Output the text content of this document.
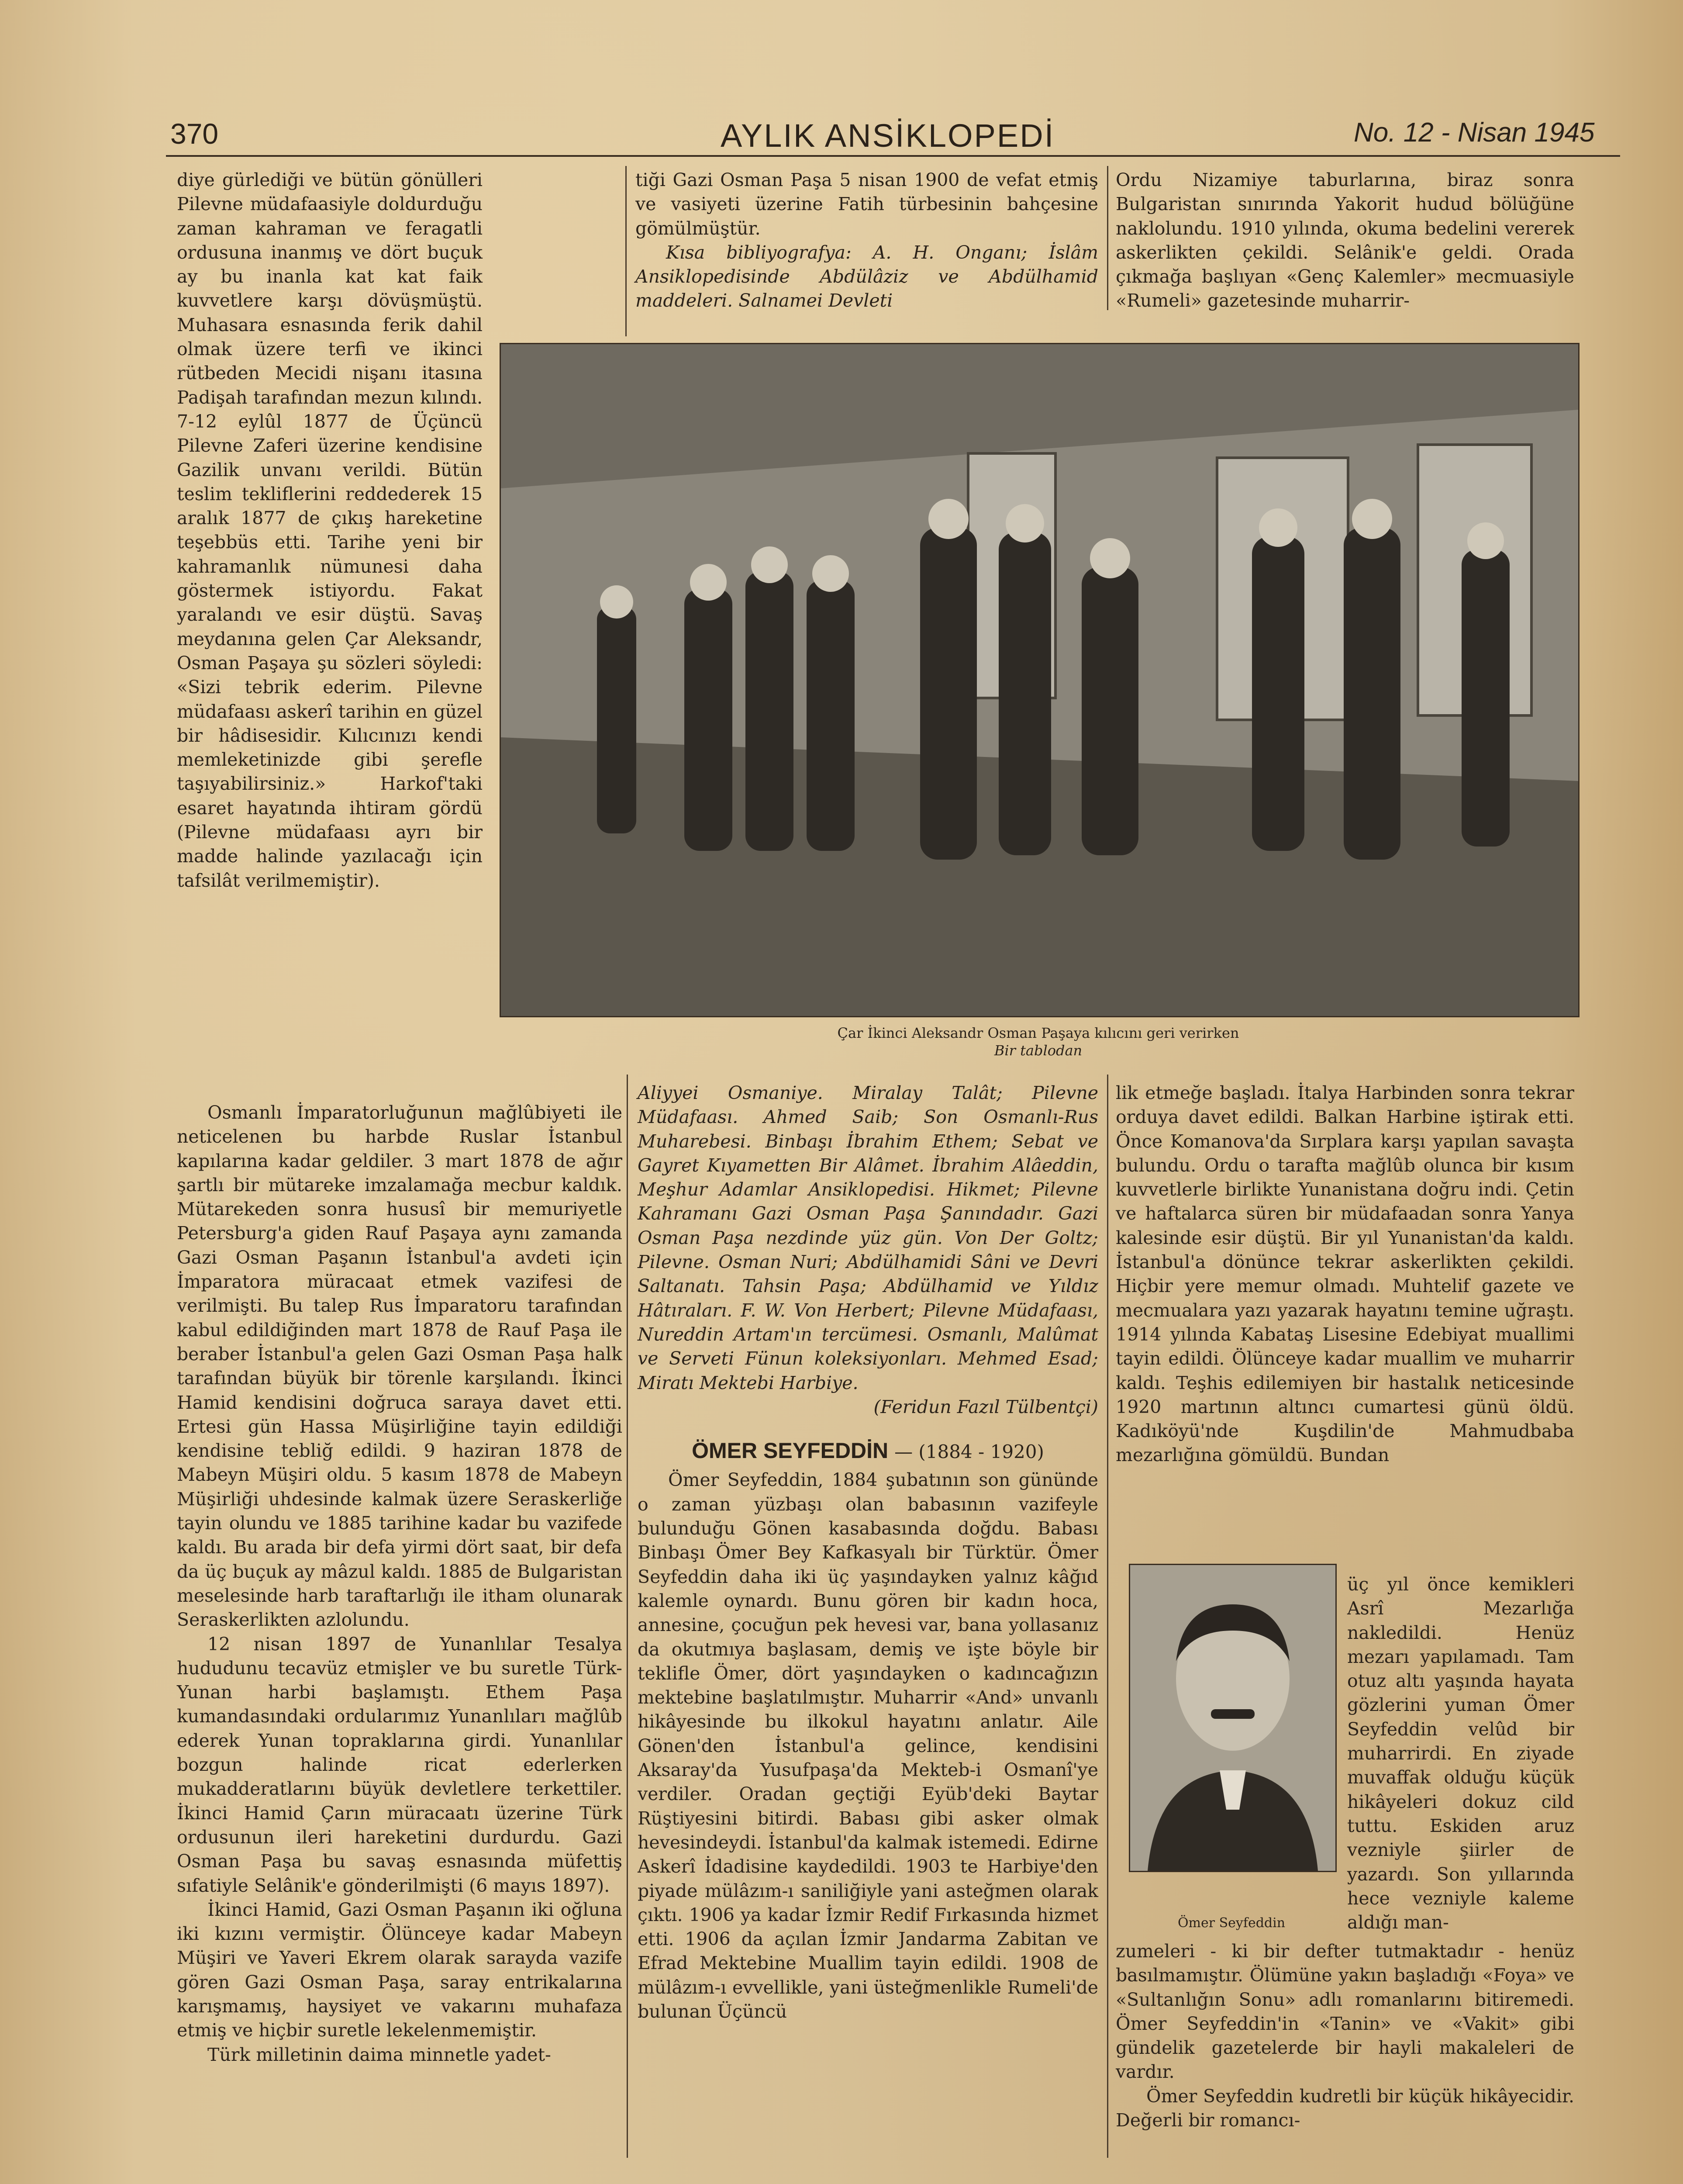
370	AYLIK ANSİKLOPEDİ	No. 12 - Nisan 1945

diye gürlediği ve bütün gönülleri Pilevne müdafaasiyle doldurduğu zaman kahraman ve feragatli ordusuna inanmış ve dört buçuk ay bu inanla kat kat faik kuvvetlere karşı dövüşmüştü. Muhasara esnasında ferik dahil olmak üzere terfi ve ikinci rütbeden Mecidi nişanı itasına Padişah tarafından mezun kılındı. 7-12 eylûl 1877 de Üçüncü Pilevne Zaferi üzerine kendisine Gazilik unvanı verildi. Bütün teslim tekliflerini reddederek 15 aralık 1877 de çıkış hareketine teşebbüs etti. Tarihe yeni bir kahramanlık nümunesi daha göstermek istiyordu. Fakat yaralandı ve esir düştü. Savaş meydanına gelen Çar Aleksandr, Osman Paşaya şu sözleri söyledi: «Sizi tebrik ederim. Pilevne müdafaası askerî tarihin en güzel bir hâdisesidir. Kılıcınızı kendi memleketinizde gibi şerefle taşıyabilirsiniz.» Harkof'taki esaret hayatında ihtiram gördü (Pilevne müdafaası ayrı bir madde halinde yazılacağı için tafsilât verilmemiştir).

tiği Gazi Osman Paşa 5 nisan 1900 de vefat etmiş ve vasiyeti üzerine Fatih türbesinin bahçesine gömülmüştür.

Kısa bibliyografya: A. H. Onganı; İslâm Ansiklopedisinde Abdülâziz ve Abdülhamid maddeleri. Salnamei Devleti

Ordu Nizamiye taburlarına, biraz sonra Bulgaristan sınırında Yakorit hudud bölüğüne naklolundu. 1910 yılında, okuma bedelini vererek askerlikten çekildi. Selânik'e geldi. Orada çıkmağa başlıyan «Genç Kalemler» mecmuasiyle «Rumeli» gazetesinde muharrir-

Çar İkinci Aleksandr Osman Paşaya kılıcını geri verirken
Bir tablodan

Osmanlı İmparatorluğunun mağlûbiyeti ile neticelenen bu harbde Ruslar İstanbul kapılarına kadar geldiler. 3 mart 1878 de ağır şartlı bir mütareke imzalamağa mecbur kaldık. Mütarekeden sonra hususî bir memuriyetle Petersburg'a giden Rauf Paşaya aynı zamanda Gazi Osman Paşanın İstanbul'a avdeti için İmparatora müracaat etmek vazifesi de verilmişti. Bu talep Rus İmparatoru tarafından kabul edildiğinden mart 1878 de Rauf Paşa ile beraber İstanbul'a gelen Gazi Osman Paşa halk tarafından büyük bir törenle karşılandı. İkinci Hamid kendisini doğruca saraya davet etti. Ertesi gün Hassa Müşirliğine tayin edildiği kendisine tebliğ edildi. 9 haziran 1878 de Mabeyn Müşiri oldu. 5 kasım 1878 de Mabeyn Müşirliği uhdesinde kalmak üzere Seraskerliğe tayin olundu ve 1885 tarihine kadar bu vazifede kaldı. Bu arada bir defa yirmi dört saat, bir defa da üç buçuk ay mâzul kaldı. 1885 de Bulgaristan meselesinde harb taraftarlığı ile itham olunarak Seraskerlikten azlolundu.

12 nisan 1897 de Yunanlılar Tesalya hududunu tecavüz etmişler ve bu suretle Türk-Yunan harbi başlamıştı. Ethem Paşa kumandasındaki ordularımız Yunanlıları mağlûb ederek Yunan topraklarına girdi. Yunanlılar bozgun halinde ricat ederlerken mukadderatlarını büyük devletlere terkettiler. İkinci Hamid Çarın müracaatı üzerine Türk ordusunun ileri hareketini durdurdu. Gazi Osman Paşa bu savaş esnasında müfettiş sıfatiyle Selânik'e gönderilmişti (6 mayıs 1897).

İkinci Hamid, Gazi Osman Paşanın iki oğluna iki kızını vermiştir. Ölünceye kadar Mabeyn Müşiri ve Yaveri Ekrem olarak sarayda vazife gören Gazi Osman Paşa, saray entrikalarına karışmamış, haysiyet ve vakarını muhafaza etmiş ve hiçbir suretle lekelenmemiştir.

Türk milletinin daima minnetle yadet-

Aliyyei Osmaniye. Miralay Talât; Pilevne Müdafaası. Ahmed Saib; Son Osmanlı-Rus Muharebesi. Binbaşı İbrahim Ethem; Sebat ve Gayret Kıyametten Bir Alâmet. İbrahim Alâeddin, Meşhur Adamlar Ansiklopedisi. Hikmet; Pilevne Kahramanı Gazi Osman Paşa Şanındadır. Gazi Osman Paşa nezdinde yüz gün. Von Der Goltz; Pilevne. Osman Nuri; Abdülhamidi Sâni ve Devri Saltanatı. Tahsin Paşa; Abdülhamid ve Yıldız Hâtıraları. F. W. Von Herbert; Pilevne Müdafaası, Nureddin Artam'ın tercümesi. Osmanlı, Malûmat ve Serveti Fünun koleksiyonları. Mehmed Esad; Miratı Mektebi Harbiye.

(Feridun Fazıl Tülbentçi)

ÖMER SEYFEDDİN — (1884 - 1920)

Ömer Seyfeddin, 1884 şubatının son gününde o zaman yüzbaşı olan babasının vazifeyle bulunduğu Gönen kasabasında doğdu. Babası Binbaşı Ömer Bey Kafkasyalı bir Türktür. Ömer Seyfeddin daha iki üç yaşındayken yalnız kâğıd kalemle oynardı. Bunu gören bir kadın hoca, annesine, çocuğun pek hevesi var, bana yollasanız da okutmıya başlasam, demiş ve işte böyle bir teklifle Ömer, dört yaşındayken o kadıncağızın mektebine başlatılmıştır. Muharrir «And» unvanlı hikâyesinde bu ilkokul hayatını anlatır. Aile Gönen'den İstanbul'a gelince, kendisini Aksaray'da Yusufpaşa'da Mekteb-i Osmanî'ye verdiler. Oradan geçtiği Eyüb'deki Baytar Rüştiyesini bitirdi. Babası gibi asker olmak hevesindeydi. İstanbul'da kalmak istemedi. Edirne Askerî İdadisine kaydedildi. 1903 te Harbiye'den piyade mülâzım-ı saniliğiyle yani asteğmen olarak çıktı. 1906 ya kadar İzmir Redif Fırkasında hizmet etti. 1906 da açılan İzmir Jandarma Zabitan ve Efrad Mektebine Muallim tayin edildi. 1908 de mülâzım-ı evvellikle, yani üsteğmenlikle Rumeli'de bulunan Üçüncü

lik etmeğe başladı. İtalya Harbinden sonra tekrar orduya davet edildi. Balkan Harbine iştirak etti. Önce Komanova'da Sırplara karşı yapılan savaşta bulundu. Ordu o tarafta mağlûb olunca bir kısım kuvvetlerle birlikte Yunanistana doğru indi. Çetin ve haftalarca süren bir müdafaadan sonra Yanya kalesinde esir düştü. Bir yıl Yunanistan'da kaldı. İstanbul'a dönünce tekrar askerlikten çekildi. Hiçbir yere memur olmadı. Muhtelif gazete ve mecmualara yazı yazarak hayatını temine uğraştı. 1914 yılında Kabataş Lisesine Edebiyat muallimi tayin edildi. Ölünceye kadar muallim ve muharrir kaldı. Teşhis edilemiyen bir hastalık neticesinde 1920 martının altıncı cumartesi günü öldü. Kadıköyü'nde Kuşdilin'de Mahmudbaba mezarlığına gömüldü. Bundan

Ömer Seyfeddin

üç yıl önce kemikleri Asrî Mezarlığa nakledildi. Henüz mezarı yapılamadı. Tam otuz altı yaşında hayata gözlerini yuman Ömer Seyfeddin velûd bir muharrirdi. En ziyade muvaffak olduğu küçük hikâyeleri dokuz cild tuttu. Eskiden aruz vezniyle şiirler de yazardı. Son yıllarında hece vezniyle kaleme aldığı man-

zumeleri - ki bir defter tutmaktadır - henüz basılmamıştır. Ölümüne yakın başladığı «Foya» ve «Sultanlığın Sonu» adlı romanlarını bitiremedi. Ömer Seyfeddin'in «Tanin» ve «Vakit» gibi gündelik gazetelerde bir hayli makaleleri de vardır.

Ömer Seyfeddin kudretli bir küçük hikâyecidir. Değerli bir romancı-
